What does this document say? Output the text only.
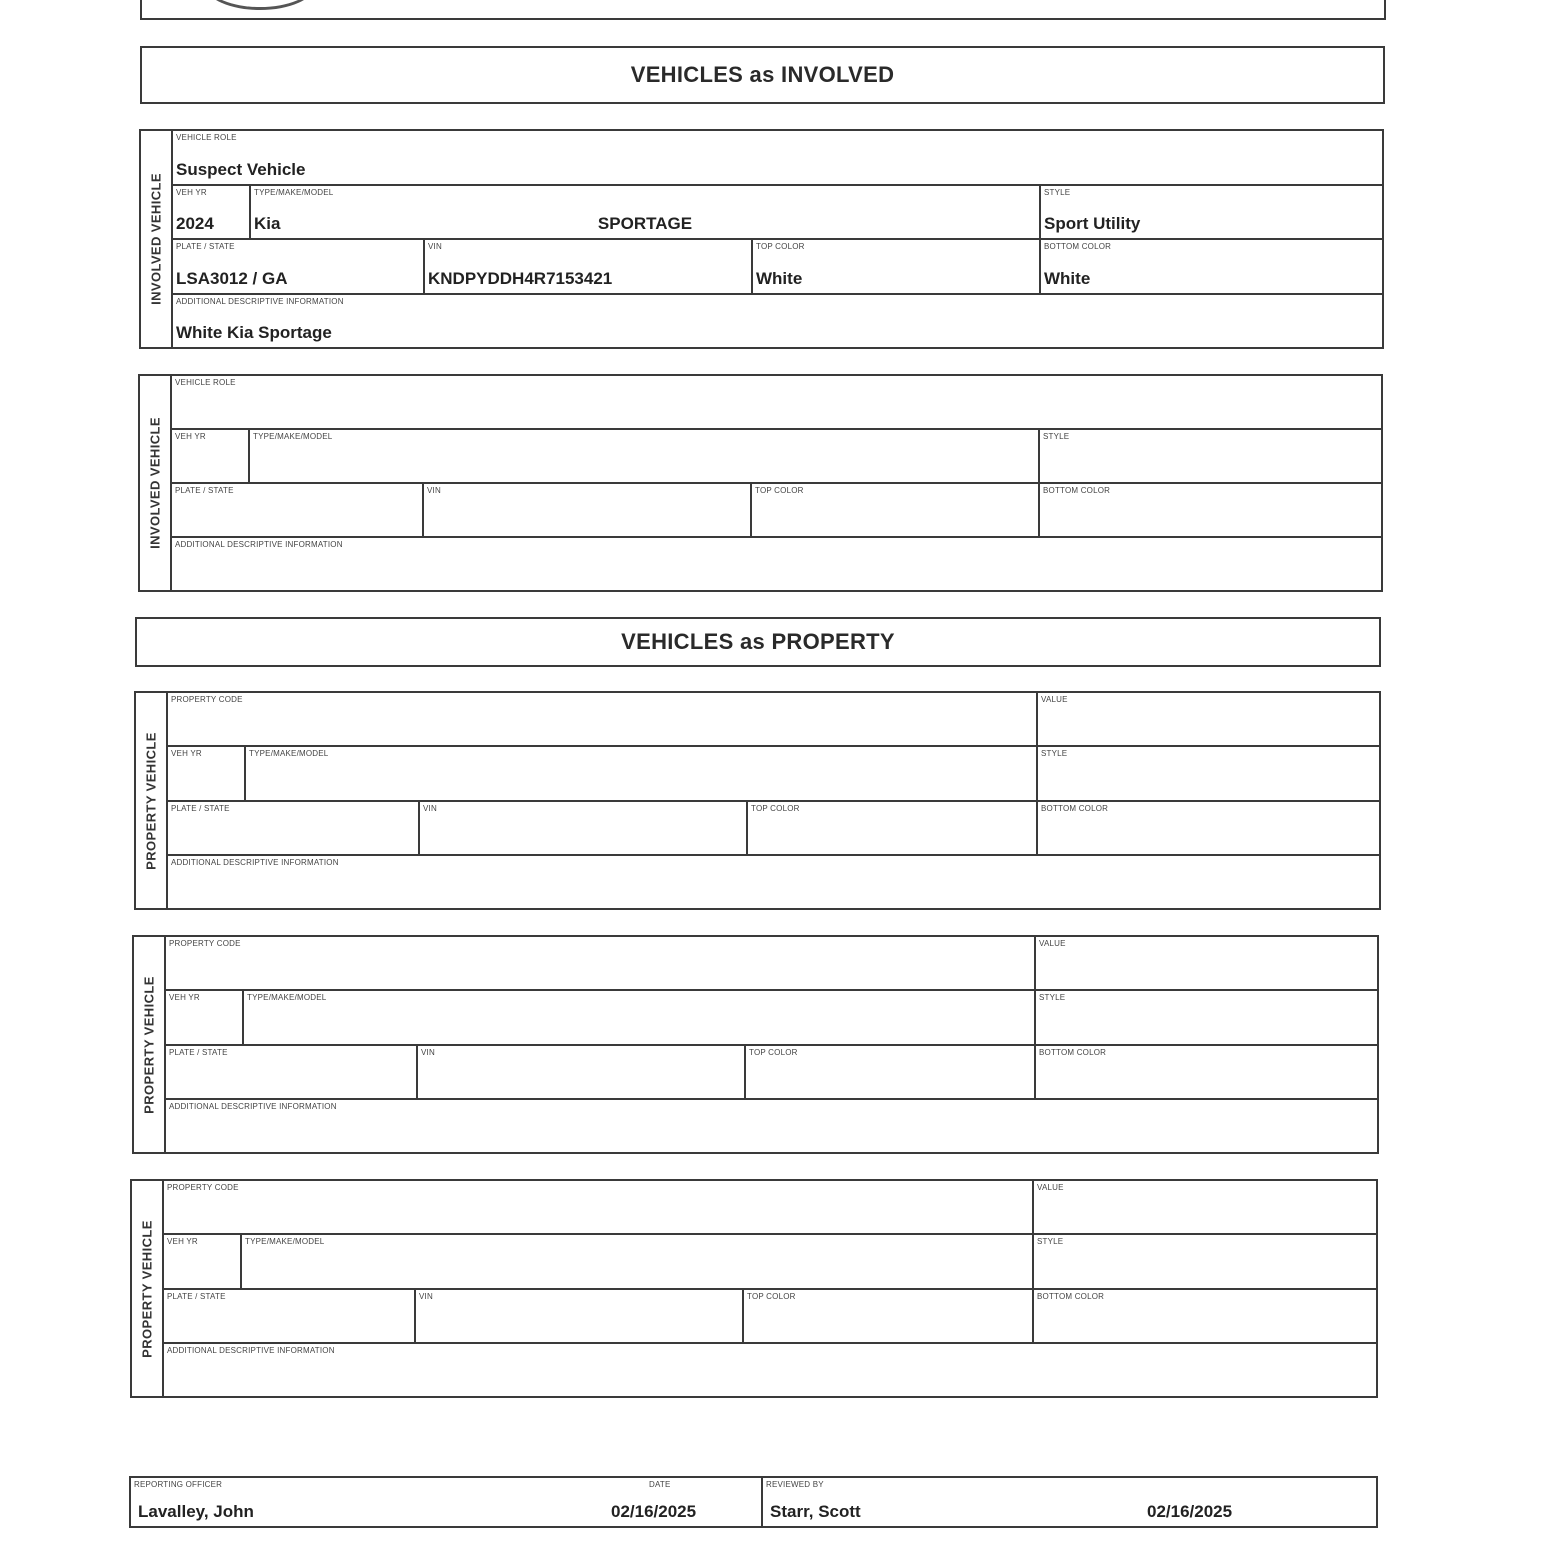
VEHICLES as INVOLVED
INVOLVED VEHICLE
VEHICLE ROLE
Suspect Vehicle
VEH YR
2024
TYPE/MAKE/MODEL
Kia	SPORTAGE
STYLE
Sport Utility
PLATE / STATE
LSA3012 / GA
VIN
KNDPYDDH4R7153421
TOP COLOR
White
BOTTOM COLOR
White
ADDITIONAL DESCRIPTIVE INFORMATION
White Kia Sportage
INVOLVED VEHICLE
VEHICLE ROLE
VEH YR	TYPE/MAKE/MODEL	STYLE
PLATE / STATE	VIN	TOP COLOR	BOTTOM COLOR
ADDITIONAL DESCRIPTIVE INFORMATION
VEHICLES as PROPERTY
PROPERTY VEHICLE
PROPERTY CODE	VALUE
VEH YR	TYPE/MAKE/MODEL	STYLE
PLATE / STATE	VIN	TOP COLOR	BOTTOM COLOR
ADDITIONAL DESCRIPTIVE INFORMATION
PROPERTY VEHICLE
PROPERTY CODE	VALUE
VEH YR	TYPE/MAKE/MODEL	STYLE
PLATE / STATE	VIN	TOP COLOR	BOTTOM COLOR
ADDITIONAL DESCRIPTIVE INFORMATION
PROPERTY VEHICLE
PROPERTY CODE	VALUE
VEH YR	TYPE/MAKE/MODEL	STYLE
PLATE / STATE	VIN	TOP COLOR	BOTTOM COLOR
ADDITIONAL DESCRIPTIVE INFORMATION
REPORTING OFFICER
Lavalley, John
DATE
02/16/2025
REVIEWED BY
Starr, Scott	02/16/2025
